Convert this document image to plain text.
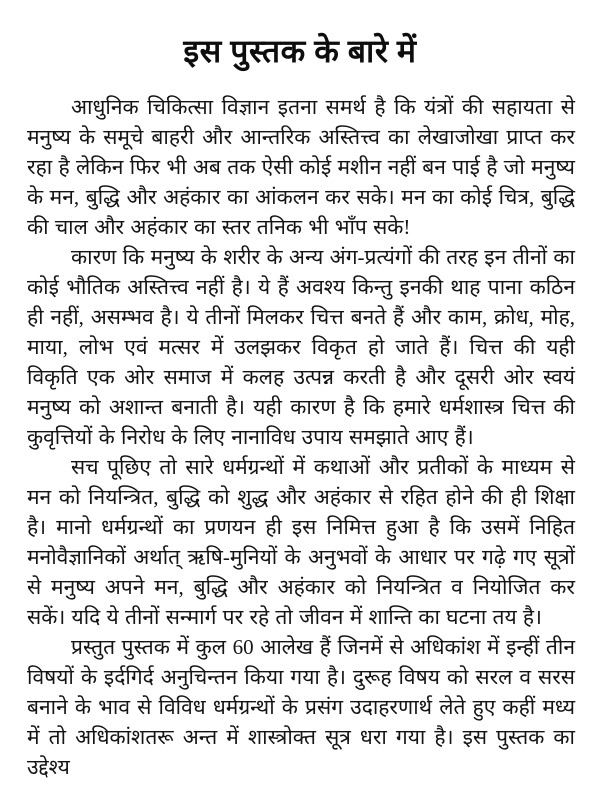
इस पुस्तक के बारे में

आधुनिक चिकित्सा विज्ञान इतना समर्थ है कि यंत्रों की सहायता से मनुष्य के समूचे बाहरी और आन्तरिक अस्तित्त्व का लेखाजोखा प्राप्त कर रहा है लेकिन फिर भी अब तक ऐसी कोई मशीन नहीं बन पाई है जो मनुष्य के मन, बुद्धि और अहंकार का आंकलन कर सके। मन का कोई चित्र, बुद्धि की चाल और अहंकार का स्तर तनिक भी भाँप सके!

कारण कि मनुष्य के शरीर के अन्य अंग-प्रत्यंगों की तरह इन तीनों का कोई भौतिक अस्तित्त्व नहीं है। ये हैं अवश्य किन्तु इनकी थाह पाना कठिन ही नहीं, असम्भव है। ये तीनों मिलकर चित्त बनते हैं और काम, क्रोध, मोह, माया, लोभ एवं मत्सर में उलझकर विकृत हो जाते हैं। चित्त की यही विकृति एक ओर समाज में कलह उत्पन्न करती है और दूसरी ओर स्वयं मनुष्य को अशान्त बनाती है। यही कारण है कि हमारे धर्मशास्त्र चित्त की कुवृत्तियों के निरोध के लिए नानाविध उपाय समझाते आए हैं।

सच पूछिए तो सारे धर्मग्रन्थों में कथाओं और प्रतीकों के माध्यम से मन को नियन्त्रित, बुद्धि को शुद्ध और अहंकार से रहित होने की ही शिक्षा है। मानो धर्मग्रन्थों का प्रणयन ही इस निमित्त हुआ है कि उसमें निहित मनोवैज्ञानिकों अर्थात् ऋषि-मुनियों के अनुभवों के आधार पर गढ़े गए सूत्रों से मनुष्य अपने मन, बुद्धि और अहंकार को नियन्त्रित व नियोजित कर सकें। यदि ये तीनों सन्मार्ग पर रहे तो जीवन में शान्ति का घटना तय है।

प्रस्तुत पुस्तक में कुल 60 आलेख हैं जिनमें से अधिकांश में इन्हीं तीन विषयों के इर्दगिर्द अनुचिन्तन किया गया है। दुरूह विषय को सरल व सरस बनाने के भाव से विविध धर्मग्रन्थों के प्रसंग उदाहरणार्थ लेते हुए कहीं मध्य में तो अधिकांशतरू अन्त में शास्त्रोक्त सूत्र धरा गया है। इस पुस्तक का उद्देश्य
